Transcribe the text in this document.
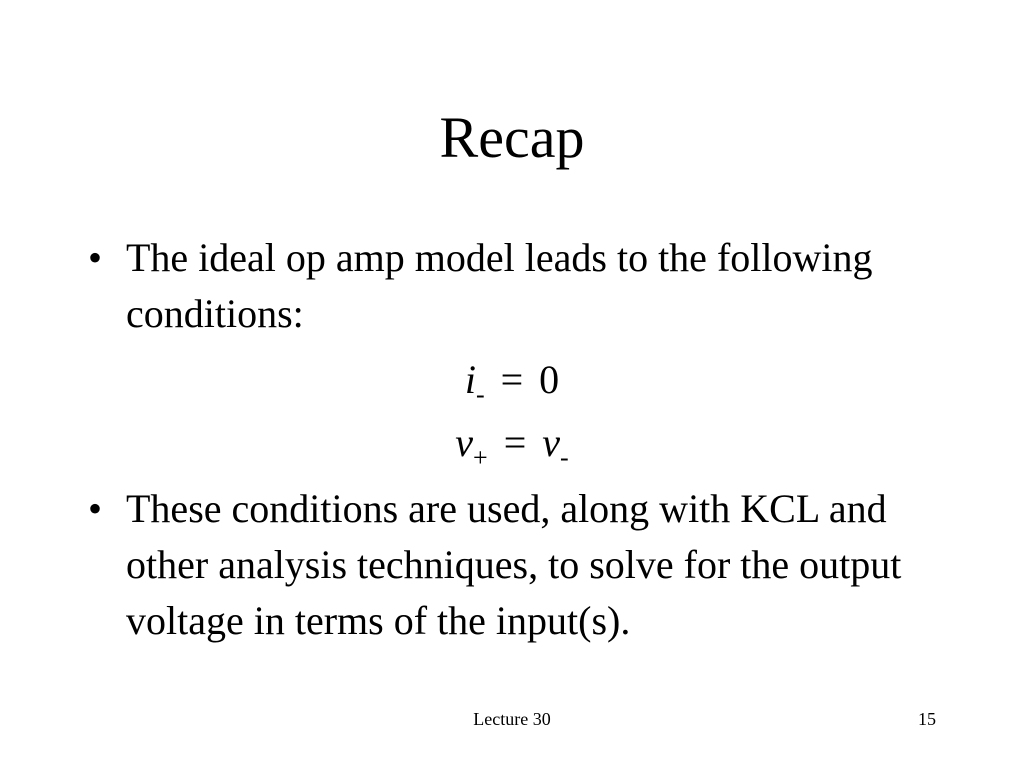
Recap
• The ideal op amp model leads to the following conditions:
$i_- = 0$
$v_+ = v_-$
• These conditions are used, along with KCL and other analysis techniques, to solve for the output voltage in terms of the input(s).
Lecture 30	15
